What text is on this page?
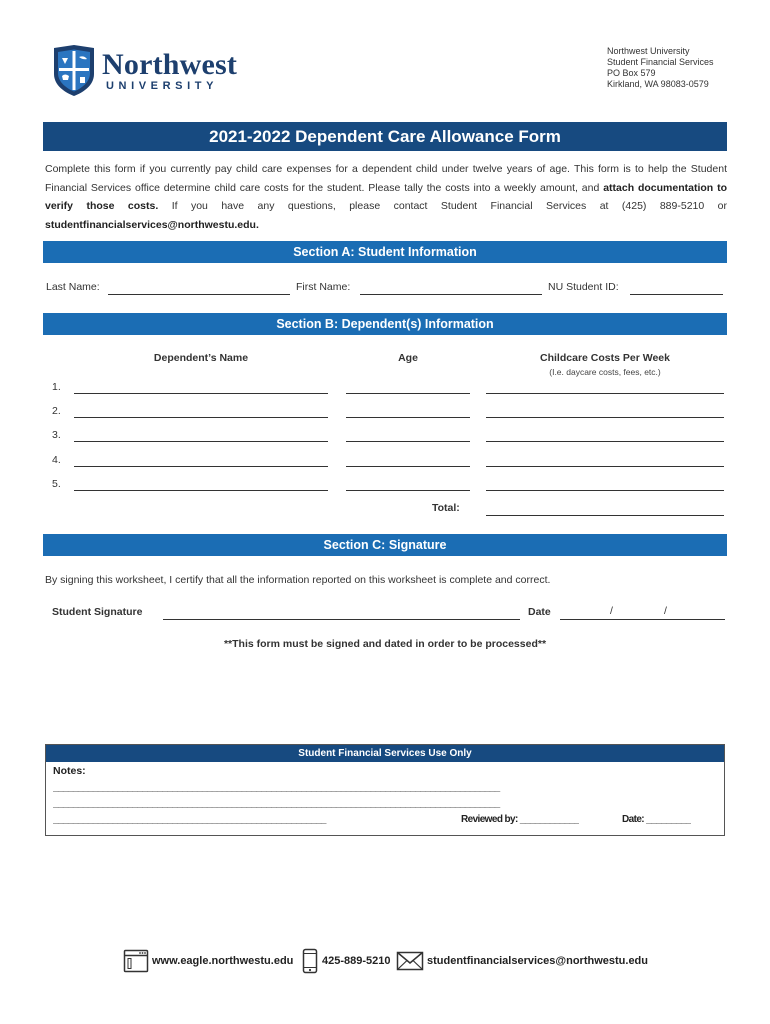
Northwest
UNIVERSITY
Northwest University
Student Financial Services
PO Box 579
Kirkland, WA 98083-0579
2021-2022 Dependent Care Allowance Form
Complete this form if you currently pay child care expenses for a dependent child under twelve years of age. This form is to help the Student Financial Services office determine child care costs for the student. Please tally the costs into a weekly amount, and attach documentation to verify those costs. If you have any questions, please contact Student Financial Services at (425) 889-5210 or studentfinancialservices@northwestu.edu.
Section A: Student Information
Last Name:	First Name:	NU Student ID:
Section B: Dependent(s) Information
Dependent’s Name	Age	Childcare Costs Per Week
(I.e. daycare costs, fees, etc.)
1.
2.
3.
4.
5.
Total:
Section C: Signature
By signing this worksheet, I certify that all the information reported on this worksheet is complete and correct.
Student Signature	Date	/	/
**This form must be signed and dated in order to be processed**
Student Financial Services Use Only
Notes:
__________________________________________________________________________________________
__________________________________________________________________________________________
_______________________________________________________	Reviewed by: ____________	Date: _________
www.eagle.northwestu.edu	425-889-5210	studentfinancialservices@northwestu.edu
